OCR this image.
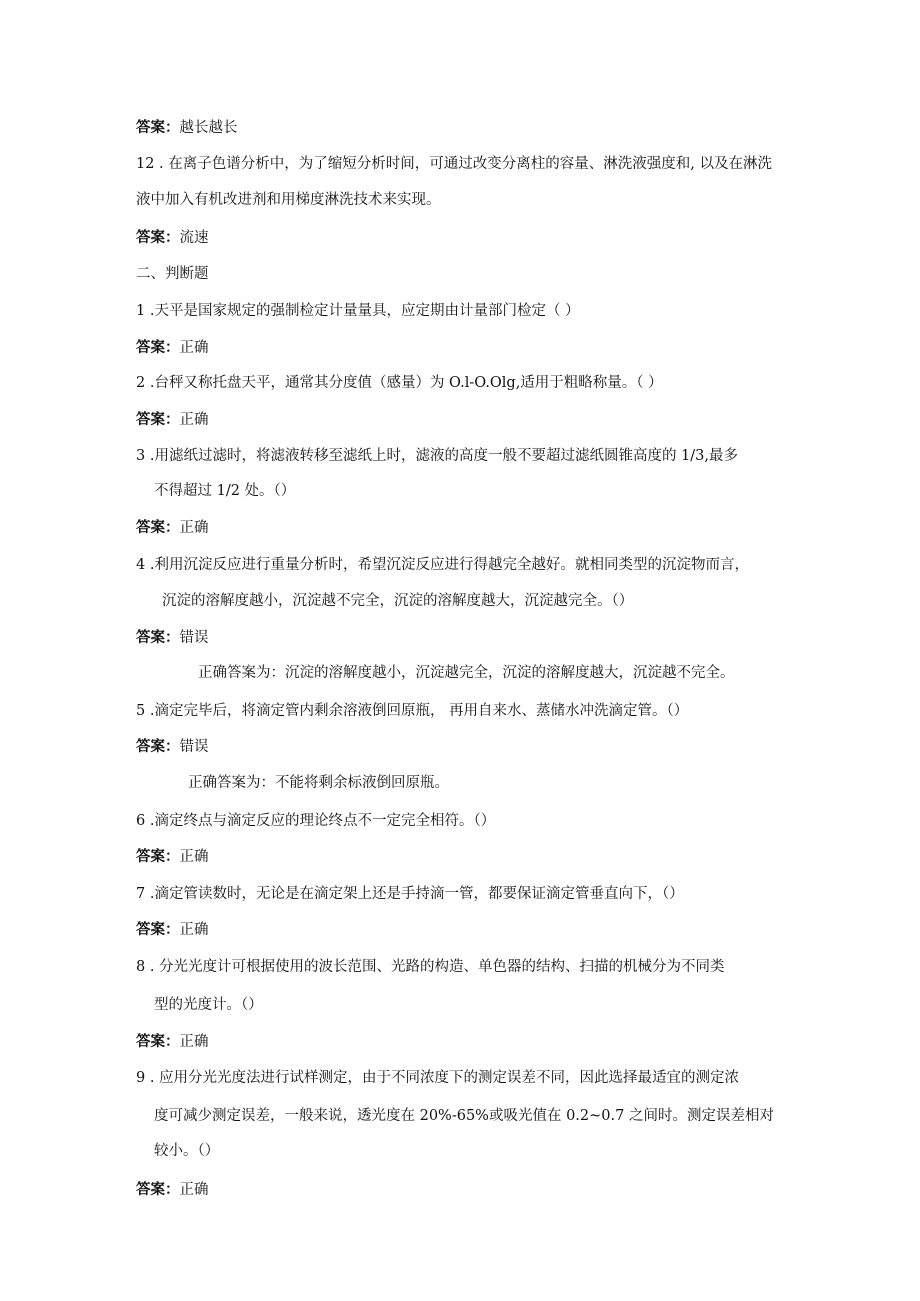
答案：越长越长
12 . 在离子色谱分析中，为了缩短分析时间，可通过改变分离柱的容量、淋洗液强度和, 以及在淋洗
液中加入有机改进剂和用梯度淋洗技术来实现。
答案：流速
二、判断题
1 .天平是国家规定的强制检定计量量具，应定期由计量部门检定（ ）
答案：正确
2 .台秤又称托盘天平，通常其分度值（感量）为 O.l-O.Olg,适用于粗略称量。（ ）
答案：正确
3 .用滤纸过滤时，将滤液转移至滤纸上时，滤液的高度一般不要超过滤纸圆锥高度的 1/3,最多
不得超过 1/2 处。（）
答案：正确
4 .利用沉淀反应进行重量分析时，希望沉淀反应进行得越完全越好。就相同类型的沉淀物而言，
沉淀的溶解度越小，沉淀越不完全，沉淀的溶解度越大，沉淀越完全。（）
答案：错误
正确答案为：沉淀的溶解度越小，沉淀越完全，沉淀的溶解度越大，沉淀越不完全。
5 .滴定完毕后，将滴定管内剩余溶液倒回原瓶， 再用自来水、蒸储水冲洗滴定管。（）
答案：错误
正确答案为：不能将剩余标液倒回原瓶。
6 .滴定终点与滴定反应的理论终点不一定完全相符。（）
答案：正确
7 .滴定管读数时，无论是在滴定架上还是手持滴一管，都要保证滴定管垂直向下，（）
答案：正确
8 . 分光光度计可根据使用的波长范围、光路的构造、单色器的结构、扫描的机械分为不同类
型的光度计。（）
答案：正确
9 . 应用分光光度法进行试样测定，由于不同浓度下的测定误差不同，因此选择最适宜的测定浓
度可减少测定误差，一般来说，透光度在 20%-65%或吸光值在 0.2~0.7 之间时。测定误差相对
较小。（）
答案：正确
